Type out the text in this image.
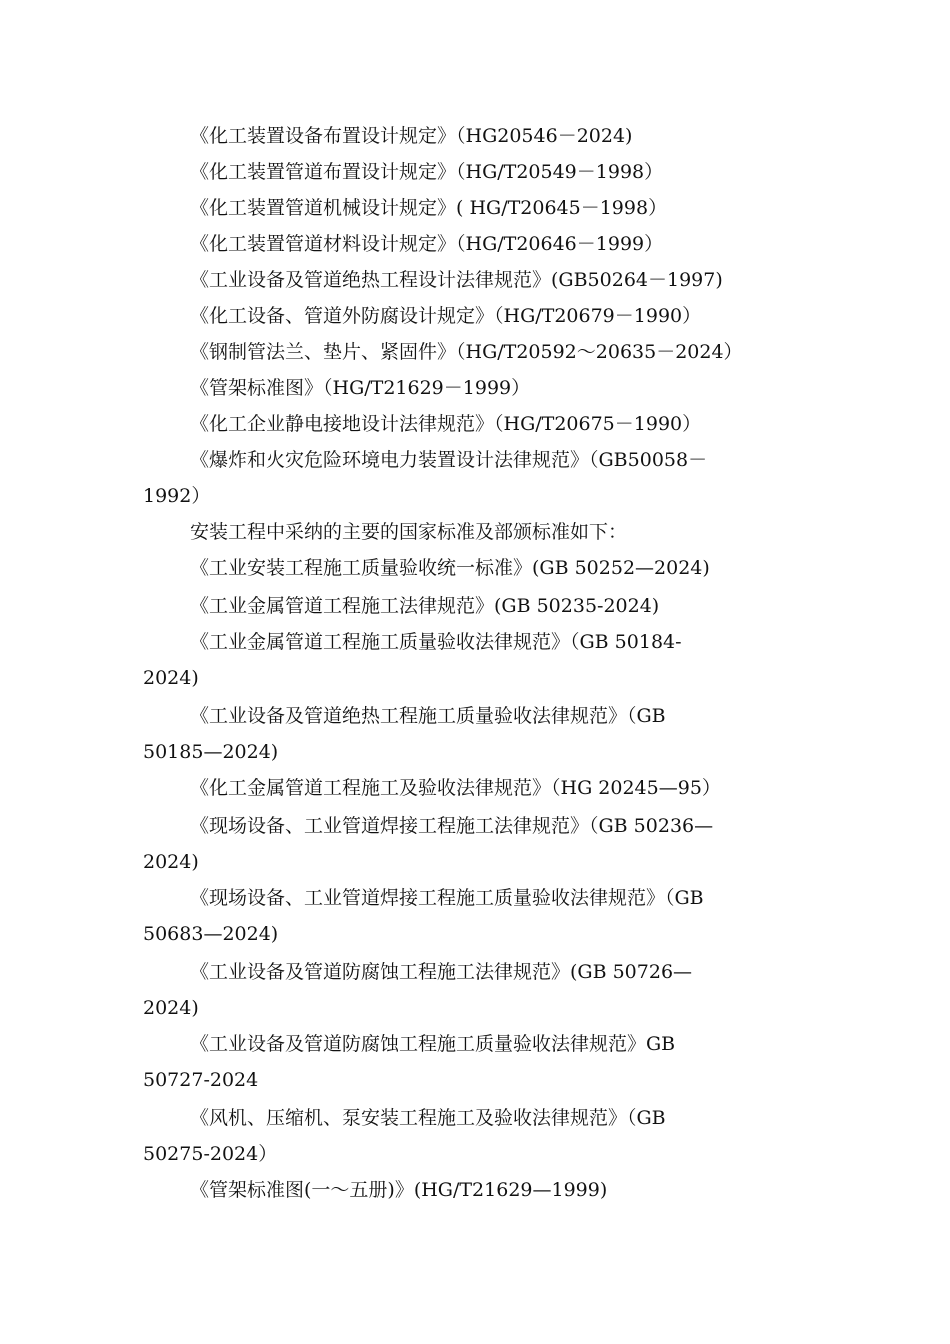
《化工装置设备布置设计规定》（HG20546－2024)
《化工装置管道布置设计规定》（HG/T20549－1998）
《化工装置管道机械设计规定》( HG/T20645－1998）
《化工装置管道材料设计规定》（HG/T20646－1999）
《工业设备及管道绝热工程设计法律规范》(GB50264－1997)
《化工设备、管道外防腐设计规定》（HG/T20679－1990）
《钢制管法兰、垫片、紧固件》（HG/T20592～20635－2024）
《管架标准图》（HG/T21629－1999）
《化工企业静电接地设计法律规范》（HG/T20675－1990）
《爆炸和火灾危险环境电力装置设计法律规范》（GB50058－
1992）
安装工程中采纳的主要的国家标准及部颁标准如下：
《工业安装工程施工质量验收统一标准》(GB 50252—2024)
《工业金属管道工程施工法律规范》(GB 50235-2024)
《工业金属管道工程施工质量验收法律规范》（GB 50184-
2024)
《工业设备及管道绝热工程施工质量验收法律规范》（GB
50185—2024)
《化工金属管道工程施工及验收法律规范》（HG 20245—95）
《现场设备、工业管道焊接工程施工法律规范》（GB 50236—
2024)
《现场设备、工业管道焊接工程施工质量验收法律规范》（GB
50683—2024)
《工业设备及管道防腐蚀工程施工法律规范》(GB 50726—
2024)
《工业设备及管道防腐蚀工程施工质量验收法律规范》GB
50727-2024
《风机、压缩机、泵安装工程施工及验收法律规范》（GB
50275-2024）
《管架标准图(一～五册)》(HG/T21629—1999)
